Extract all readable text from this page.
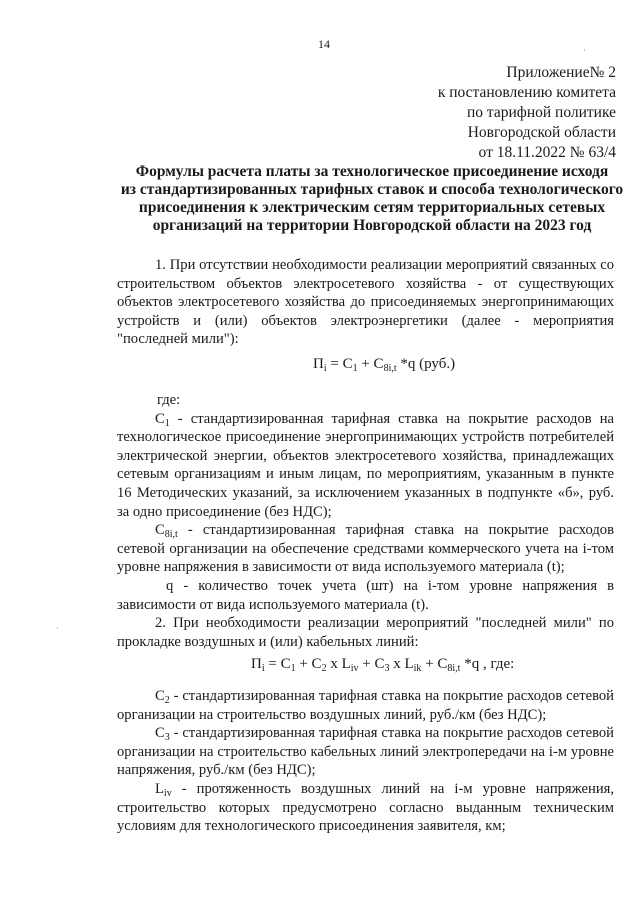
14
Приложение№ 2
к постановлению комитета
по тарифной политике
Новгородской области
от 18.11.2022 № 63/4
Формулы расчета платы за технологическое присоединение исходя
из стандартизированных тарифных ставок и способа технологического
присоединения к электрическим сетям территориальных сетевых
организаций на территории Новгородской области на 2023 год

1. При отсутствии необходимости реализации мероприятий связанных со строительством объектов электросетевого хозяйства - от существующих объектов электросетевого хозяйства до присоединяемых энергопринимающих устройств и (или) объектов электроэнергетики (далее - мероприятия "последней мили"):

$П_i = С_1 + С_{8i,t}$ *q (руб.)

где:

$С_1$ - стандартизированная тарифная ставка на покрытие расходов на технологическое присоединение энергопринимающих устройств потребителей электрической энергии, объектов электросетевого хозяйства, принадлежащих сетевым организациям и иным лицам, по мероприятиям, указанным в пункте 16 Методических указаний, за исключением указанных в подпункте «б», руб. за одно присоединение (без НДС);

$С_{8i,t}$ - стандартизированная тарифная ставка на покрытие расходов сетевой организации на обеспечение средствами коммерческого учета на i-том уровне напряжения в зависимости от вида используемого материала (t);

q - количество точек учета (шт) на i-том уровне напряжения в зависимости от вида используемого материала (t).

2. При необходимости реализации мероприятий "последней мили" по прокладке воздушных и (или) кабельных линий:

$П_i = С_1 + С_2$ x $L_{iv} + С_3$ x $L_{ik} + С_{8i,t}$ *q , где:

$С_2$ - стандартизированная тарифная ставка на покрытие расходов сетевой организации на строительство воздушных линий, руб./км (без НДС);

$С_3$ - стандартизированная тарифная ставка на покрытие расходов сетевой организации на строительство кабельных линий электропередачи на i-м уровне напряжения, руб./км (без НДС);

$L_{iv}$ - протяженность воздушных линий на i-м уровне напряжения, строительство которых предусмотрено согласно выданным техническим условиям для технологического присоединения заявителя, км;

·
·
